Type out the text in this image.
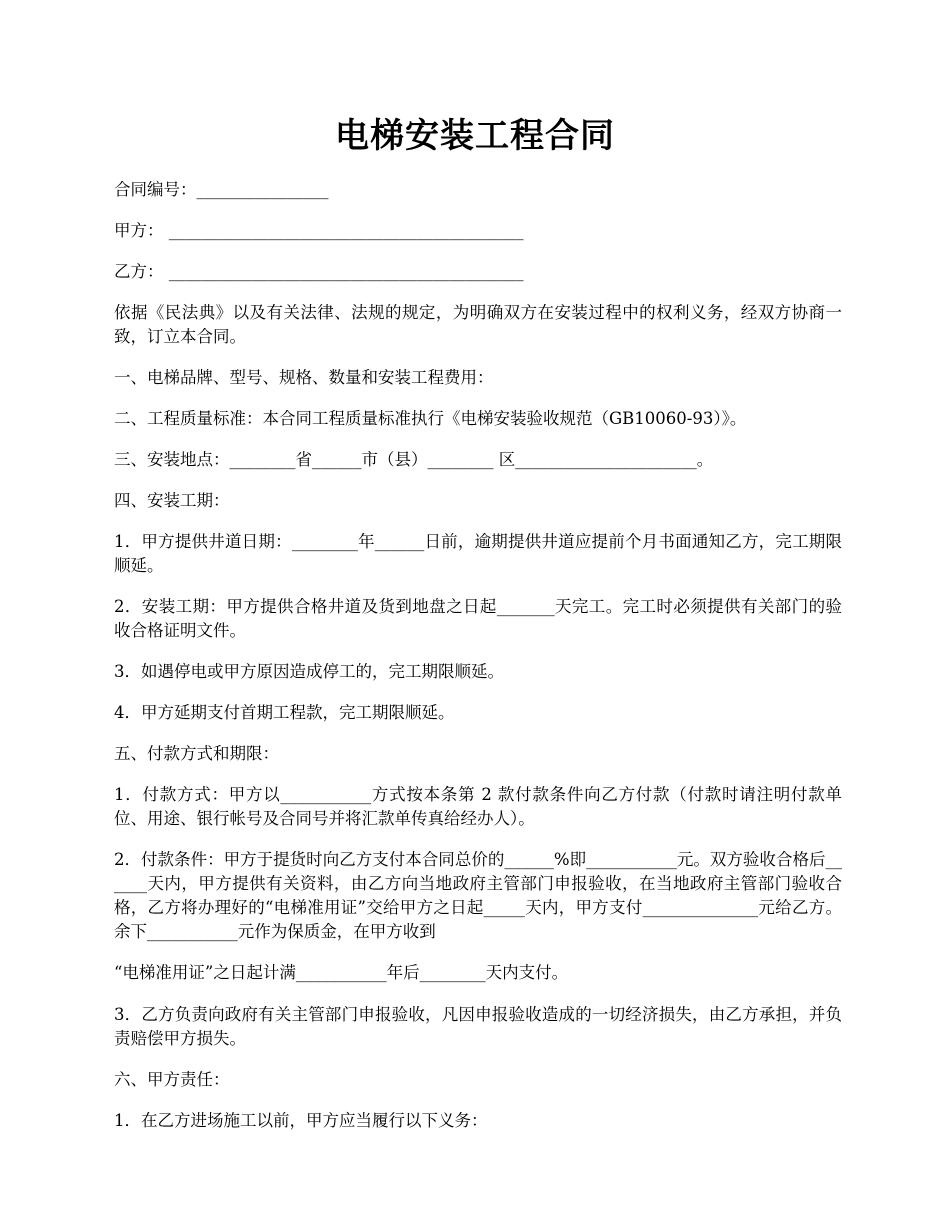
电梯安装工程合同

合同编号：________________

甲方： ___________________________________________

乙方： ___________________________________________

依据《民法典》以及有关法律、法规的规定，为明确双方在安装过程中的权利义务，经双方协商一致，订立本合同。

一、电梯品牌、型号、规格、数量和安装工程费用：

二、工程质量标准：本合同工程质量标准执行《电梯安装验收规范（GB10060-93）》。

三、安装地点：________省______市（县）________ 区______________________。

四、安装工期：

1．甲方提供井道日期：________年______日前，逾期提供井道应提前个月书面通知乙方，完工期限顺延。

2．安装工期：甲方提供合格井道及货到地盘之日起_______天完工。完工时必须提供有关部门的验收合格证明文件。

3．如遇停电或甲方原因造成停工的，完工期限顺延。

4．甲方延期支付首期工程款，完工期限顺延。

五、付款方式和期限：

1．付款方式：甲方以___________方式按本条第 2 款付款条件向乙方付款（付款时请注明付款单位、用途、银行帐号及合同号并将汇款单传真给经办人）。

2．付款条件：甲方于提货时向乙方支付本合同总价的______%即___________元。双方验收合格后______天内，甲方提供有关资料，由乙方向当地政府主管部门申报验收，在当地政府主管部门验收合格，乙方将办理好的“电梯准用证”交给甲方之日起_____天内，甲方支付______________元给乙方。余下___________元作为保质金，在甲方收到

“电梯准用证”之日起计满___________年后________天内支付。

3．乙方负责向政府有关主管部门申报验收，凡因申报验收造成的一切经济损失，由乙方承担，并负责赔偿甲方损失。

六、甲方责任：

1．在乙方进场施工以前，甲方应当履行以下义务：
